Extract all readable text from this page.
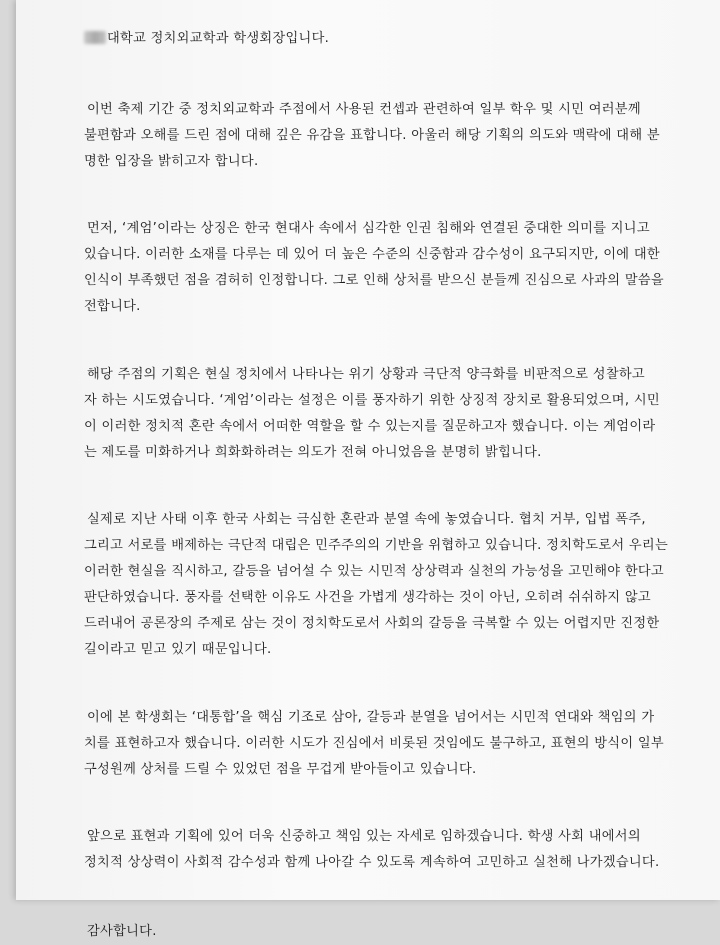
대학교 정치외교학과 학생회장입니다.

이번 축제 기간 중 정치외교학과 주점에서 사용된 컨셉과 관련하여 일부 학우 및 시민 여러분께
불편함과 오해를 드린 점에 대해 깊은 유감을 표합니다. 아울러 해당 기획의 의도와 맥락에 대해 분
명한 입장을 밝히고자 합니다.

먼저, ‘계엄’이라는 상징은 한국 현대사 속에서 심각한 인권 침해와 연결된 중대한 의미를 지니고
있습니다. 이러한 소재를 다루는 데 있어 더 높은 수준의 신중함과 감수성이 요구되지만, 이에 대한
인식이 부족했던 점을 겸허히 인정합니다. 그로 인해 상처를 받으신 분들께 진심으로 사과의 말씀을
전합니다.

해당 주점의 기획은 현실 정치에서 나타나는 위기 상황과 극단적 양극화를 비판적으로 성찰하고
자 하는 시도였습니다. ‘계엄’이라는 설정은 이를 풍자하기 위한 상징적 장치로 활용되었으며, 시민
이 이러한 정치적 혼란 속에서 어떠한 역할을 할 수 있는지를 질문하고자 했습니다. 이는 계엄이라
는 제도를 미화하거나 희화화하려는 의도가 전혀 아니었음을 분명히 밝힙니다.

실제로 지난 사태 이후 한국 사회는 극심한 혼란과 분열 속에 놓였습니다. 협치 거부, 입법 폭주,
그리고 서로를 배제하는 극단적 대립은 민주주의의 기반을 위협하고 있습니다. 정치학도로서 우리는
이러한 현실을 직시하고, 갈등을 넘어설 수 있는 시민적 상상력과 실천의 가능성을 고민해야 한다고
판단하였습니다. 풍자를 선택한 이유도 사건을 가볍게 생각하는 것이 아닌, 오히려 쉬쉬하지 않고
드러내어 공론장의 주제로 삼는 것이 정치학도로서 사회의 갈등을 극복할 수 있는 어렵지만 진정한
길이라고 믿고 있기 때문입니다.

이에 본 학생회는 ‘대통합’을 핵심 기조로 삼아, 갈등과 분열을 넘어서는 시민적 연대와 책임의 가
치를 표현하고자 했습니다. 이러한 시도가 진심에서 비롯된 것임에도 불구하고, 표현의 방식이 일부
구성원께 상처를 드릴 수 있었던 점을 무겁게 받아들이고 있습니다.

앞으로 표현과 기획에 있어 더욱 신중하고 책임 있는 자세로 임하겠습니다. 학생 사회 내에서의
정치적 상상력이 사회적 감수성과 함께 나아갈 수 있도록 계속하여 고민하고 실천해 나가겠습니다.

감사합니다.
